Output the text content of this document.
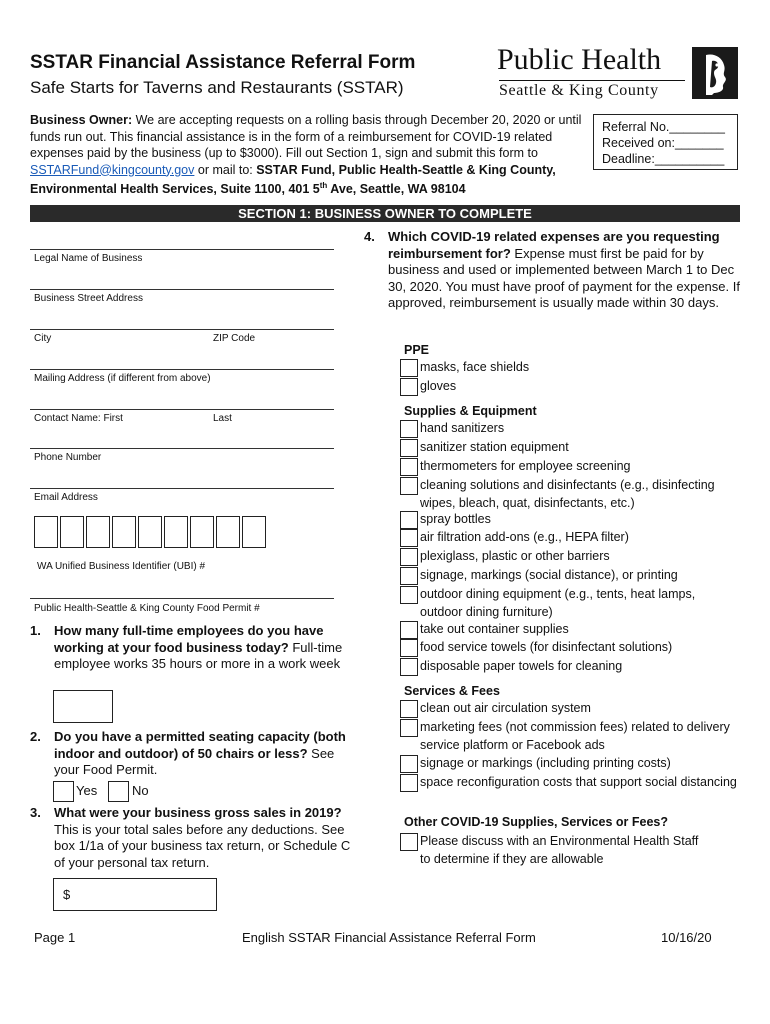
SSTAR Financial Assistance Referral Form
Safe Starts for Taverns and Restaurants (SSTAR)
Business Owner: We are accepting requests on a rolling basis through December 20, 2020 or until funds run out. This financial assistance is in the form of a reimbursement for COVID-19 related expenses paid by the business (up to $3000). Fill out Section 1, sign and submit this form to SSTARFund@kingcounty.gov or mail to: SSTAR Fund, Public Health-Seattle & King County, Environmental Health Services, Suite 1100, 401 5th Ave, Seattle, WA 98104
Public Health
Seattle & King County
Referral No.________
Received on:_______
Deadline:__________
SECTION 1: BUSINESS OWNER TO COMPLETE
Legal Name of Business
Business Street Address
City	ZIP Code
Mailing Address (if different from above)
Contact Name: First	Last
Phone Number
Email Address
WA Unified Business Identifier (UBI) #
Public Health-Seattle & King County Food Permit #
1. How many full-time employees do you have working at your food business today? Full-time employee works 35 hours or more in a work week
2. Do you have a permitted seating capacity (both indoor and outdoor) of 50 chairs or less? See your Food Permit.
Yes	No
3. What were your business gross sales in 2019? This is your total sales before any deductions. See box 1/1a of your business tax return, or Schedule C of your personal tax return.
$
4. Which COVID-19 related expenses are you requesting reimbursement for? Expense must first be paid for by business and used or implemented between March 1 to Dec 30, 2020. You must have proof of payment for the expense. If approved, reimbursement is usually made within 30 days.
PPE
masks, face shields
gloves
Supplies & Equipment
hand sanitizers
sanitizer station equipment
thermometers for employee screening
cleaning solutions and disinfectants (e.g., disinfecting wipes, bleach, quat, disinfectants, etc.)
spray bottles
air filtration add-ons (e.g., HEPA filter)
plexiglass, plastic or other barriers
signage, markings (social distance), or printing
outdoor dining equipment (e.g., tents, heat lamps, outdoor dining furniture)
take out container supplies
food service towels (for disinfectant solutions)
disposable paper towels for cleaning
Services & Fees
clean out air circulation system
marketing fees (not commission fees) related to delivery service platform or Facebook ads
signage or markings (including printing costs)
space reconfiguration costs that support social distancing
Other COVID-19 Supplies, Services or Fees?
Please discuss with an Environmental Health Staff to determine if they are allowable
Page 1	English SSTAR Financial Assistance Referral Form	10/16/20
